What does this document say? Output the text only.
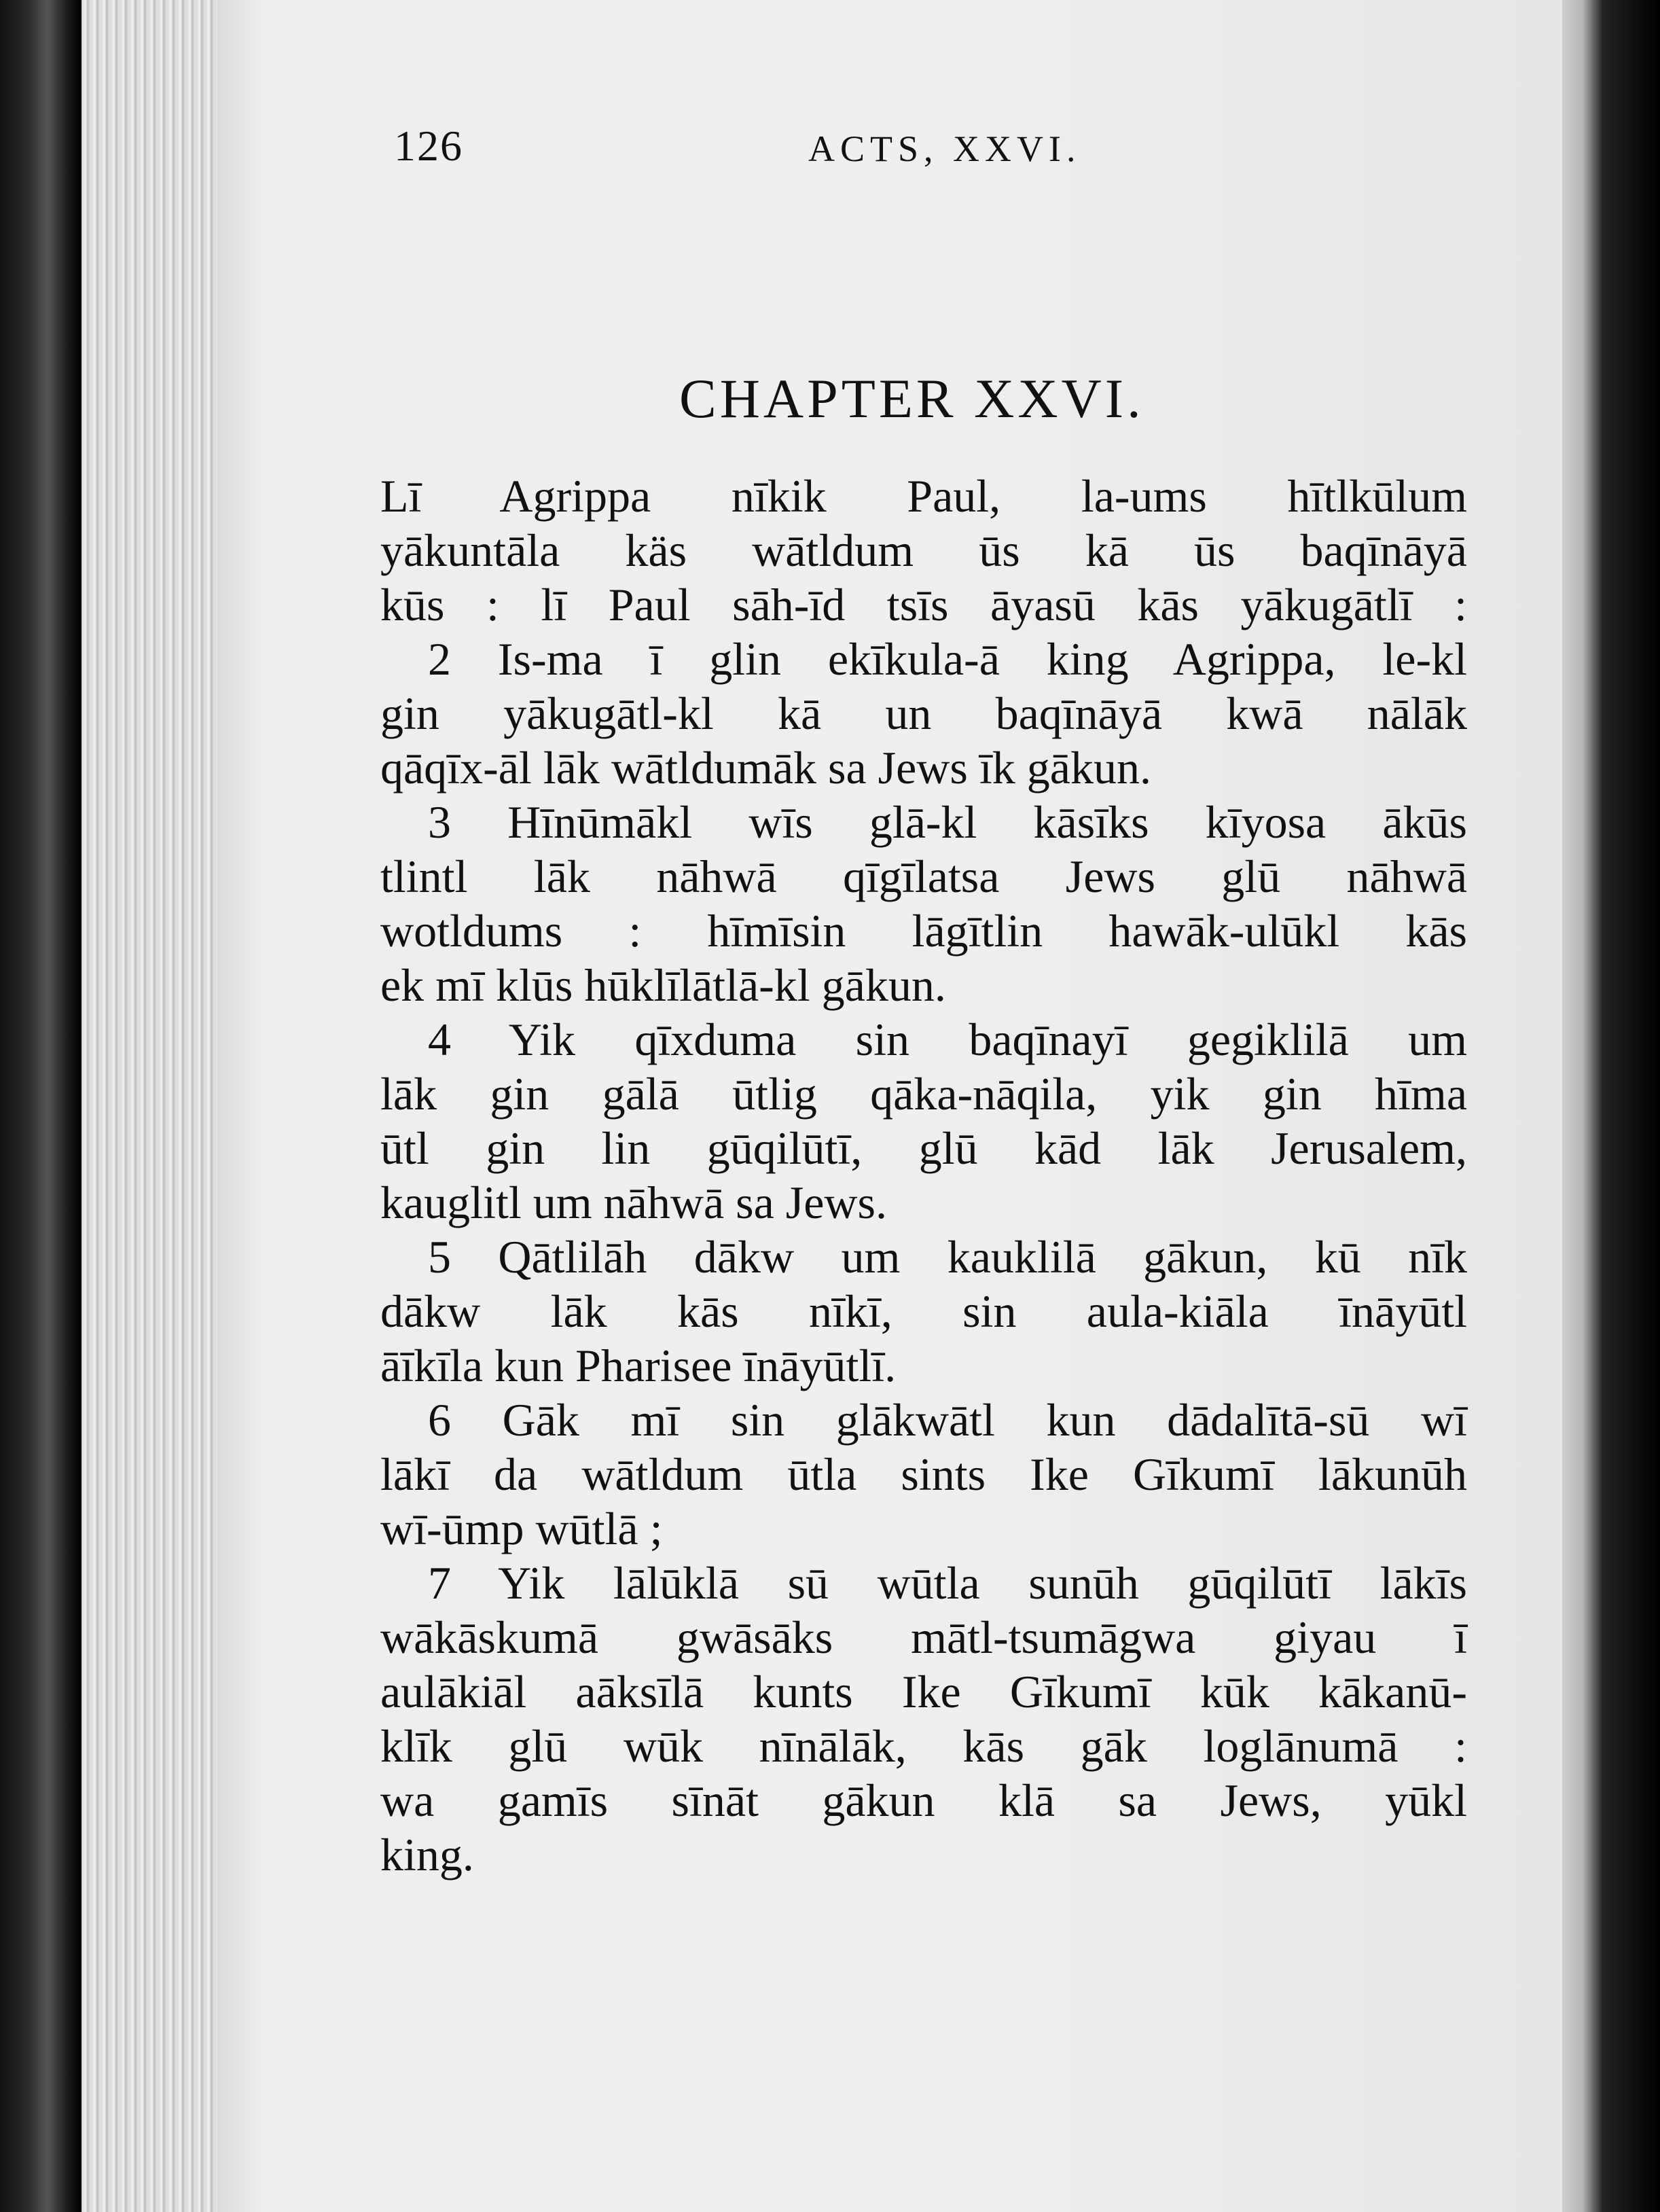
126	ACTS, XXVI.
CHAPTER XXVI.
Lī Agrippa nīkik Paul, la-ums hītlkūlum
yākuntāla käs wātldum ūs kā ūs baqīnāyā
kūs : lī Paul sāh-īd tsīs āyasū kās yākugātlī :
2 Is-ma ī glin ekīkula-ā king Agrippa, le-kl
gin yākugātl-kl kā un baqīnāyā kwā nālāk
qāqīx-āl lāk wātldumāk sa Jews īk gākun.
3 Hīnūmākl wīs glā-kl kāsīks kīyosa ākūs
tlintl lāk nāhwā qīgīlatsa Jews glū nāhwā
wotldums : hīmīsin lāgītlin hawāk-ulūkl kās
ek mī klūs hūklīlātlā-kl gākun.
4 Yik qīxduma sin baqīnayī gegiklilā um
lāk gin gālā ūtlig qāka-nāqila, yik gin hīma
ūtl gin lin gūqilūtī, glū kād lāk Jerusalem,
kauglitl um nāhwā sa Jews.
5 Qātlilāh dākw um kauklilā gākun, kū nīk
dākw lāk kās nīkī, sin aula-kiāla īnāyūtl
āīkīla kun Pharisee īnāyūtlī.
6 Gāk mī sin glākwātl kun dādalītā-sū wī
lākī da wātldum ūtla sints Ike Gīkumī lākunūh
wī-ūmp wūtlā ;
7 Yik lālūklā sū wūtla sunūh gūqilūtī lākīs
wākāskumā gwāsāks mātl-tsumāgwa giyau ī
aulākiāl aāksīlā kunts Ike Gīkumī kūk kākanū-
klīk glū wūk nīnālāk, kās gāk loglānumā :
wa gamīs sīnāt gākun klā sa Jews, yūkl
king.
